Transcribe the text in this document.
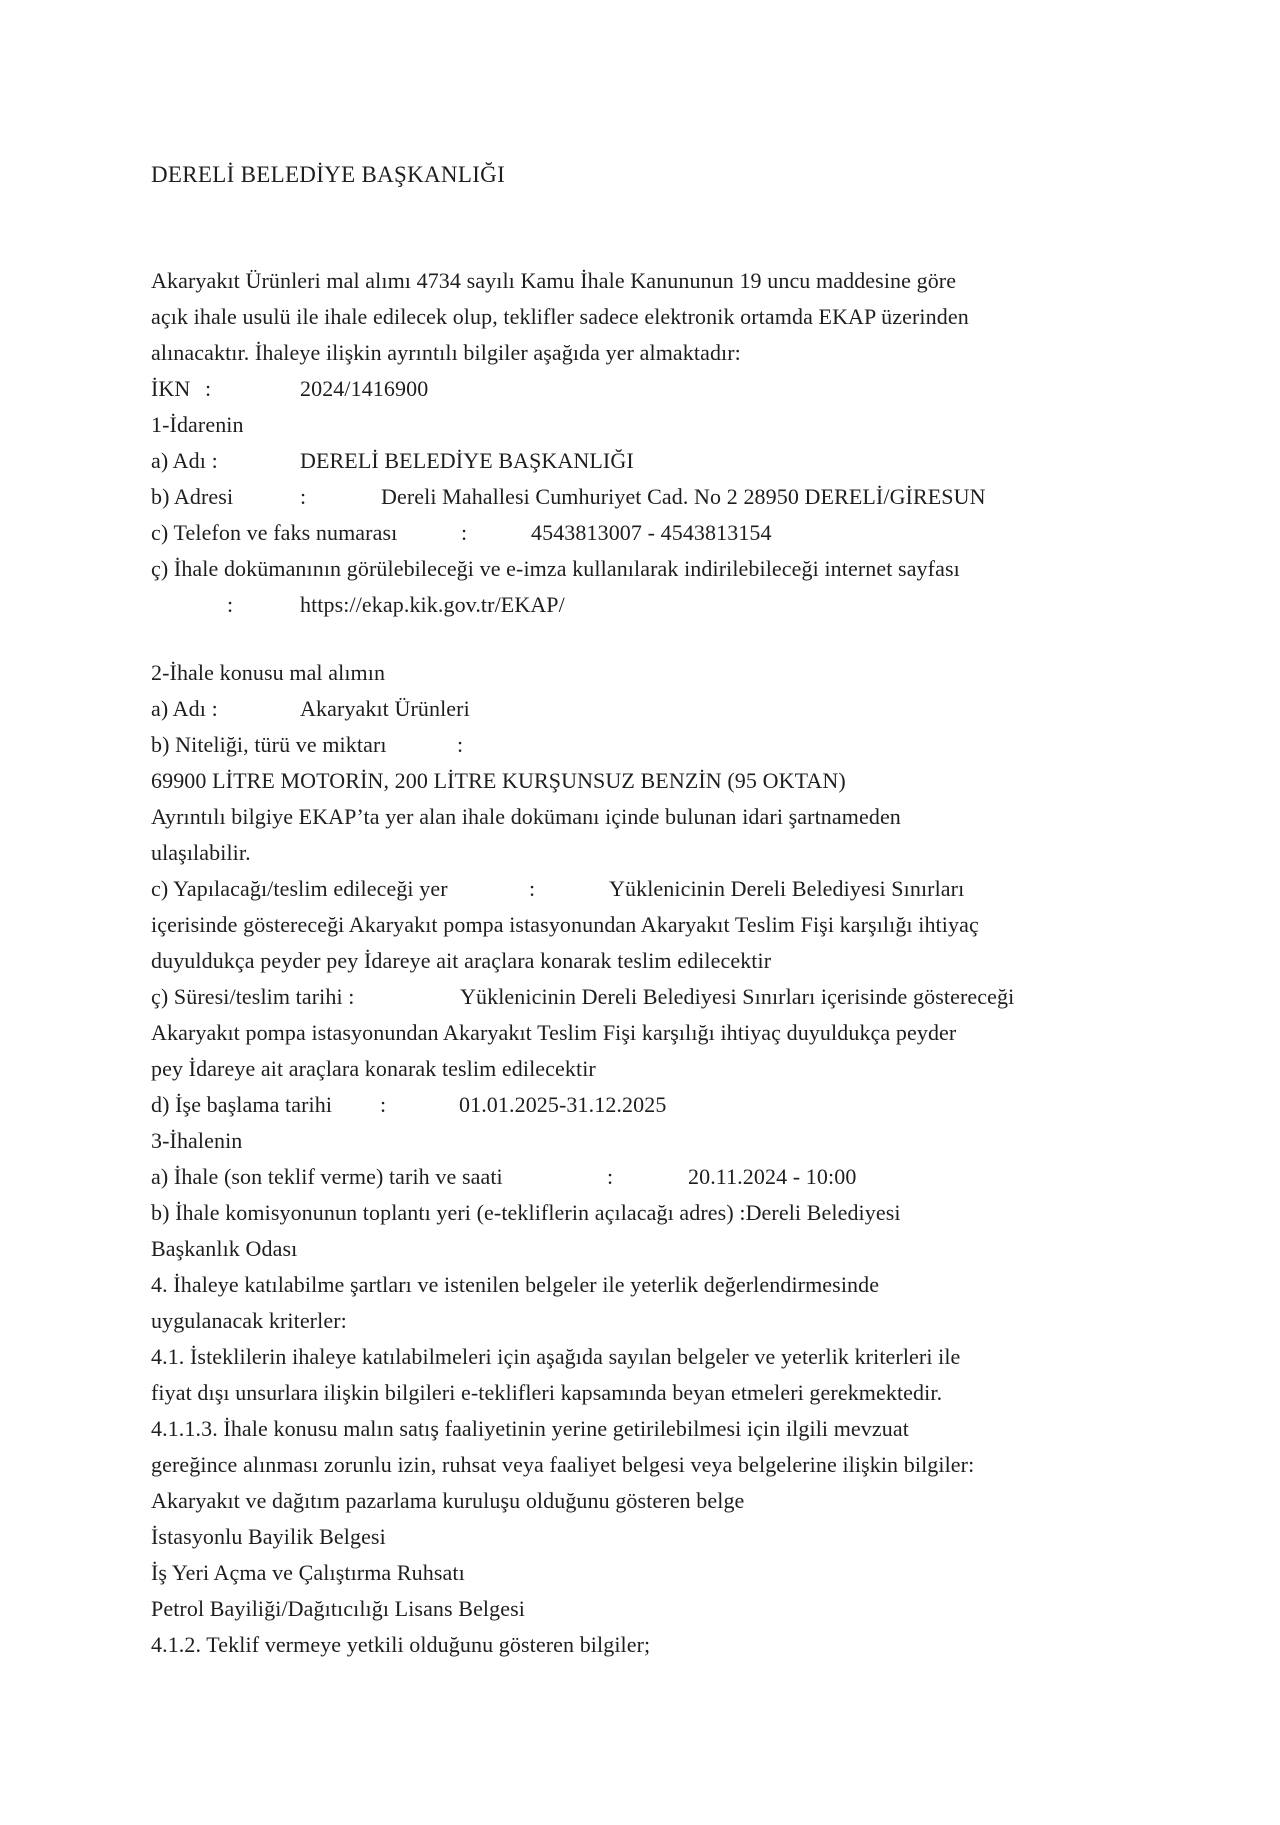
DERELİ BELEDİYE BAŞKANLIĞI
Akaryakıt Ürünleri mal alımı 4734 sayılı Kamu İhale Kanununun 19 uncu maddesine göre
açık ihale usulü ile ihale edilecek olup, teklifler sadece elektronik ortamda EKAP üzerinden
alınacaktır. İhaleye ilişkin ayrıntılı bilgiler aşağıda yer almaktadır:
İKN :	2024/1416900
1-İdarenin
a) Adı :	DERELİ BELEDİYE BAŞKANLIĞI
b) Adresi	:	Dereli Mahallesi Cumhuriyet Cad. No 2 28950 DERELİ/GİRESUN
c) Telefon ve faks numarası	:	4543813007 - 4543813154
ç) İhale dokümanının görülebileceği ve e-imza kullanılarak indirilebileceği internet sayfası
:	https://ekap.kik.gov.tr/EKAP/
2-İhale konusu mal alımın
a) Adı :	Akaryakıt Ürünleri
b) Niteliği, türü ve miktarı	:
69900 LİTRE MOTORİN, 200 LİTRE KURŞUNSUZ BENZİN (95 OKTAN)
Ayrıntılı bilgiye EKAP’ta yer alan ihale dokümanı içinde bulunan idari şartnameden
ulaşılabilir.
c) Yapılacağı/teslim edileceği yer	:	Yüklenicinin Dereli Belediyesi Sınırları
içerisinde göstereceği Akaryakıt pompa istasyonundan Akaryakıt Teslim Fişi karşılığı ihtiyaç
duyuldukça peyder pey İdareye ait araçlara konarak teslim edilecektir
ç) Süresi/teslim tarihi :	Yüklenicinin Dereli Belediyesi Sınırları içerisinde göstereceği
Akaryakıt pompa istasyonundan Akaryakıt Teslim Fişi karşılığı ihtiyaç duyuldukça peyder
pey İdareye ait araçlara konarak teslim edilecektir
d) İşe başlama tarihi :	01.01.2025-31.12.2025
3-İhalenin
a) İhale (son teklif verme) tarih ve saati	:	20.11.2024 - 10:00
b) İhale komisyonunun toplantı yeri (e-tekliflerin açılacağı adres) :Dereli Belediyesi
Başkanlık Odası
4. İhaleye katılabilme şartları ve istenilen belgeler ile yeterlik değerlendirmesinde
uygulanacak kriterler:
4.1. İsteklilerin ihaleye katılabilmeleri için aşağıda sayılan belgeler ve yeterlik kriterleri ile
fiyat dışı unsurlara ilişkin bilgileri e-teklifleri kapsamında beyan etmeleri gerekmektedir.
4.1.1.3. İhale konusu malın satış faaliyetinin yerine getirilebilmesi için ilgili mevzuat
gereğince alınması zorunlu izin, ruhsat veya faaliyet belgesi veya belgelerine ilişkin bilgiler:
Akaryakıt ve dağıtım pazarlama kuruluşu olduğunu gösteren belge
İstasyonlu Bayilik Belgesi
İş Yeri Açma ve Çalıştırma Ruhsatı
Petrol Bayiliği/Dağıtıcılığı Lisans Belgesi
4.1.2. Teklif vermeye yetkili olduğunu gösteren bilgiler;
